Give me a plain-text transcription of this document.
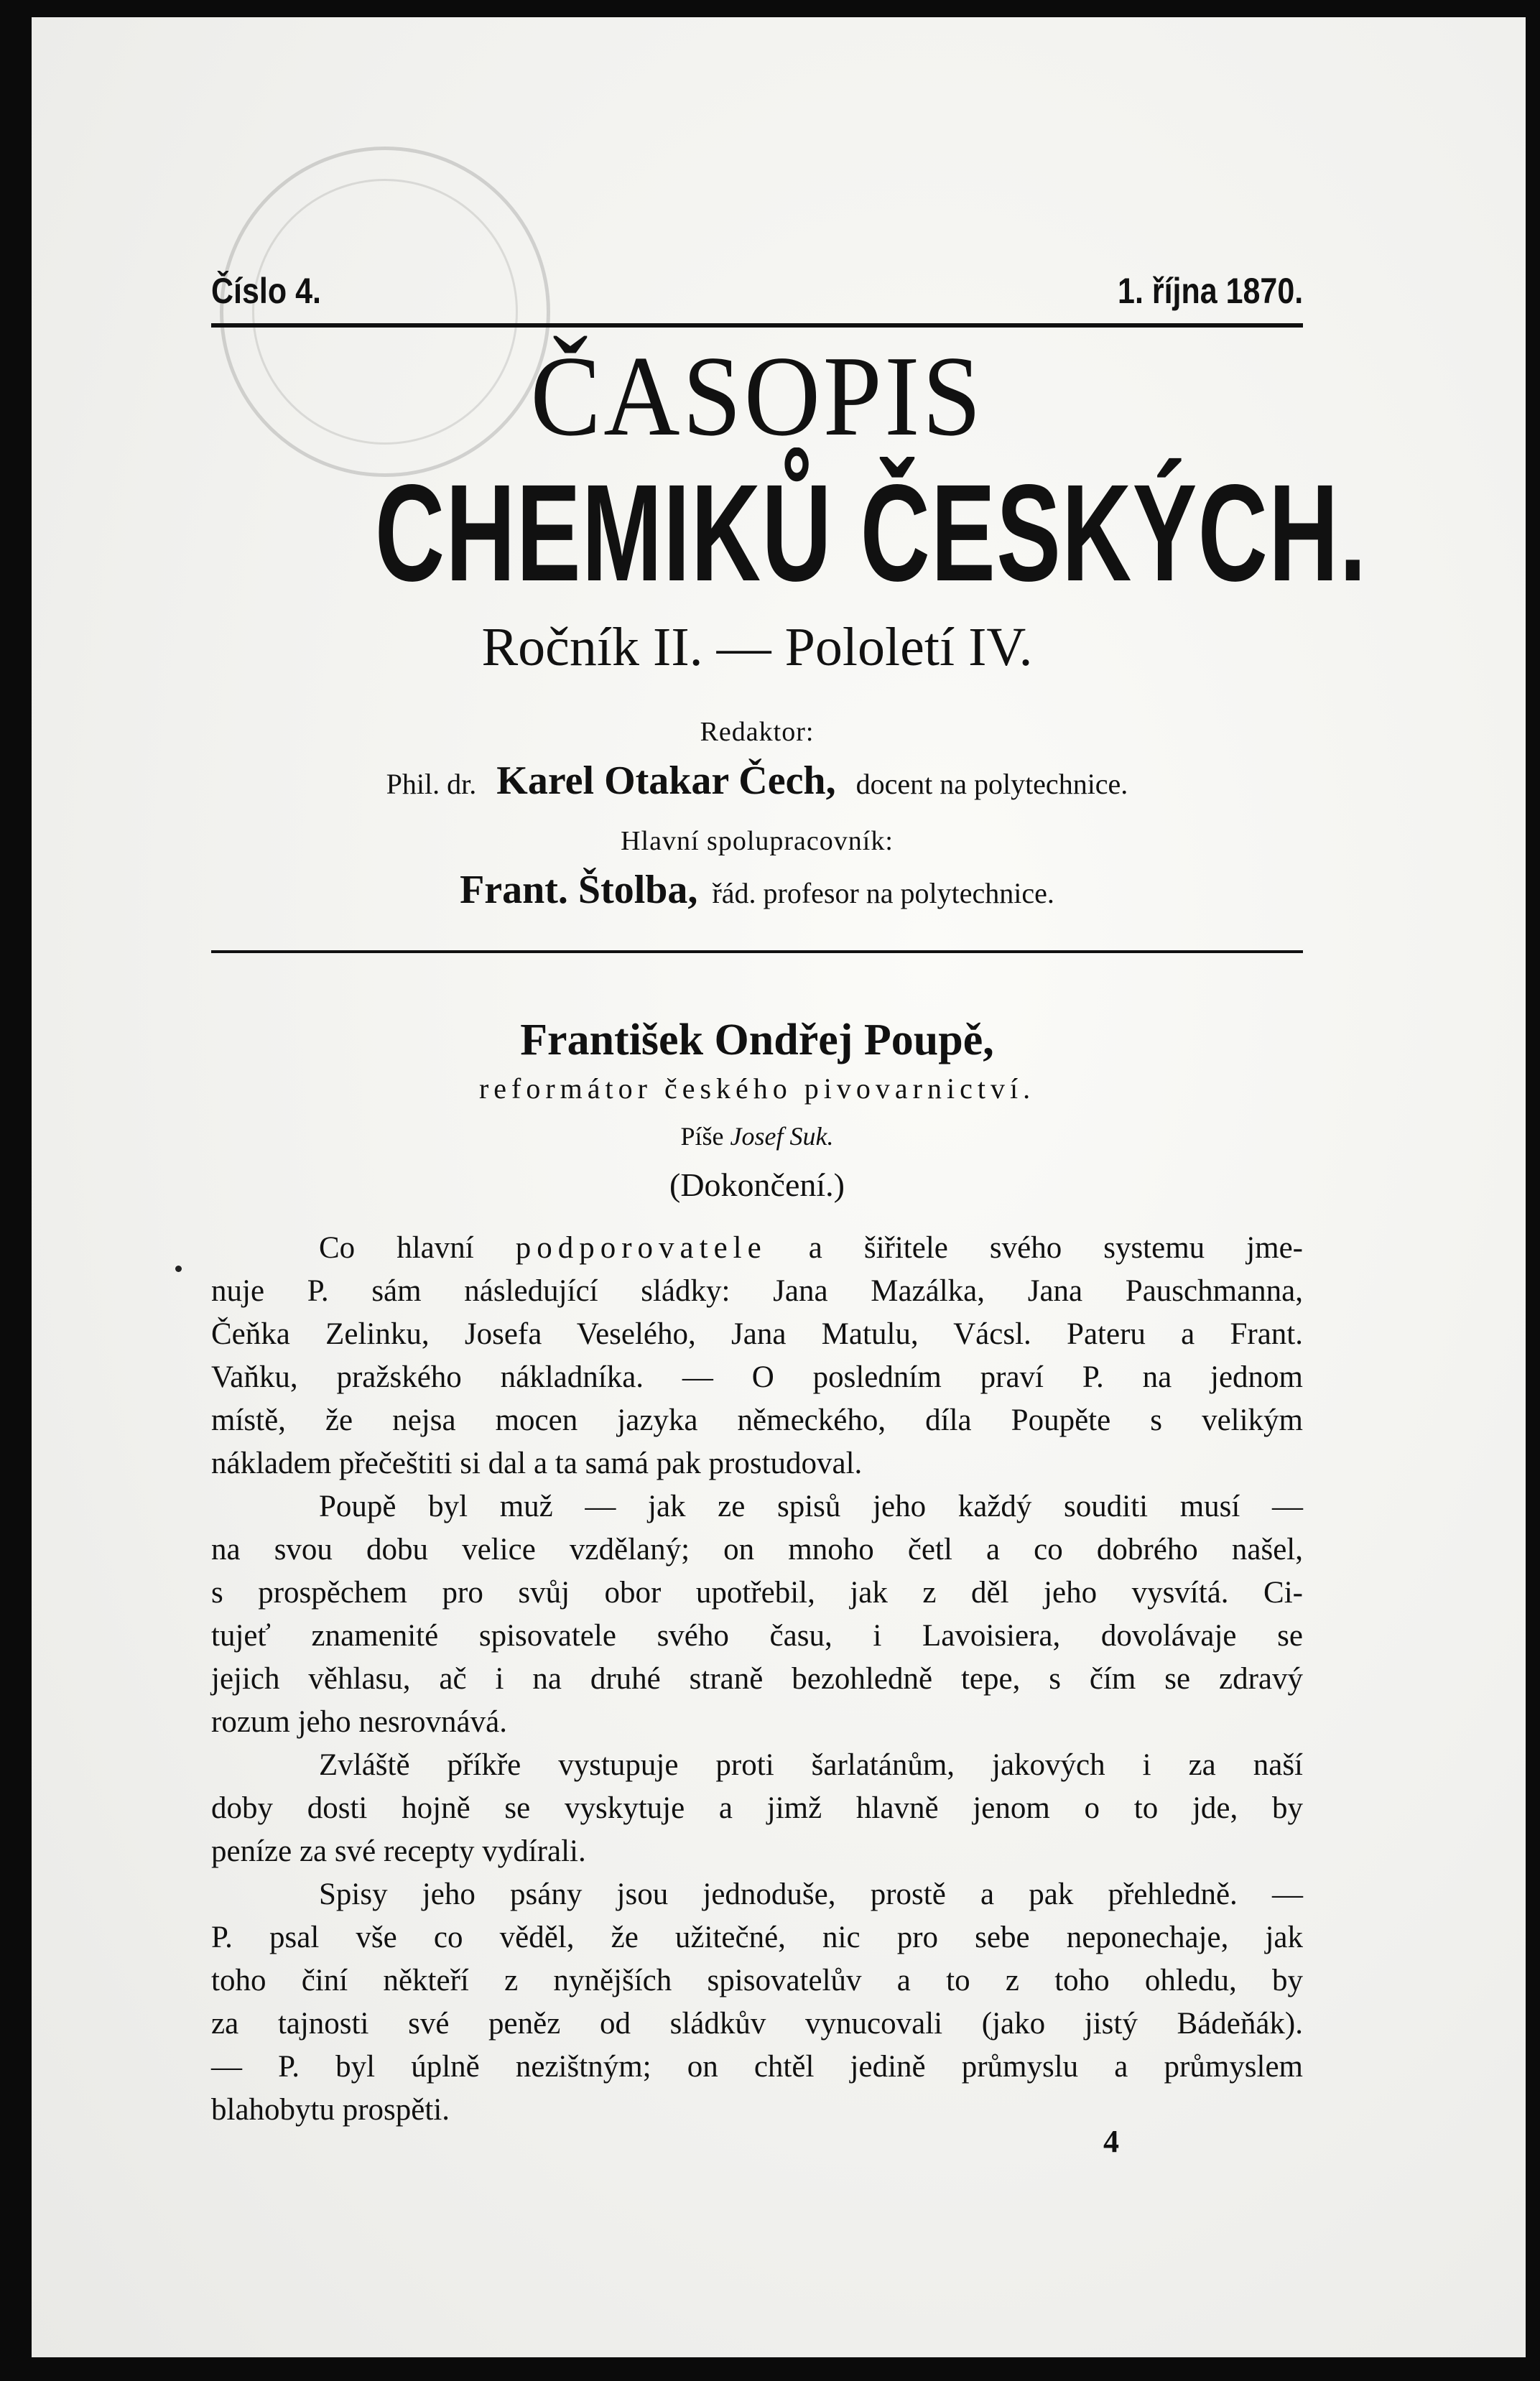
Číslo 4.	1. října 1870.
ČASOPIS
CHEMIKŮ ČESKÝCH.
Ročník II. — Pololetí IV.
Redaktor:
Phil. dr. Karel Otakar Čech, docent na polytechnice.
Hlavní spolupracovník:
Frant. Štolba, řád. profesor na polytechnice.
František Ondřej Poupě,
reformátor českého pivovarnictví.
Píše Josef Suk.
(Dokončení.)
Co hlavní podporovatele a šiřitele svého systemu jme-
nuje P. sám následující sládky: Jana Mazálka, Jana Pauschmanna,
Čeňka Zelinku, Josefa Veselého, Jana Matulu, Vácsl. Pateru a Frant.
Vaňku, pražského nákladníka. — O posledním praví P. na jednom
místě, že nejsa mocen jazyka německého, díla Poupěte s velikým
nákladem přečeštiti si dal a ta samá pak prostudoval.
Poupě byl muž — jak ze spisů jeho každý souditi musí —
na svou dobu velice vzdělaný; on mnoho četl a co dobrého našel,
s prospěchem pro svůj obor upotřebil, jak z děl jeho vysvítá. Ci-
tujeť znamenité spisovatele svého času, i Lavoisiera, dovolávaje se
jejich věhlasu, ač i na druhé straně bezohledně tepe, s čím se zdravý
rozum jeho nesrovnává.
Zvláště příkře vystupuje proti šarlatánům, jakových i za naší
doby dosti hojně se vyskytuje a jimž hlavně jenom o to jde, by
peníze za své recepty vydírali.
Spisy jeho psány jsou jednoduše, prostě a pak přehledně. —
P. psal vše co věděl, že užitečné, nic pro sebe neponechaje, jak
toho činí někteří z nynějších spisovatelův a to z toho ohledu, by
za tajnosti své peněz od sládkův vynucovali (jako jistý Bádeňák).
— P. byl úplně nezištným; on chtěl jedině průmyslu a průmyslem
blahobytu prospěti.
4
